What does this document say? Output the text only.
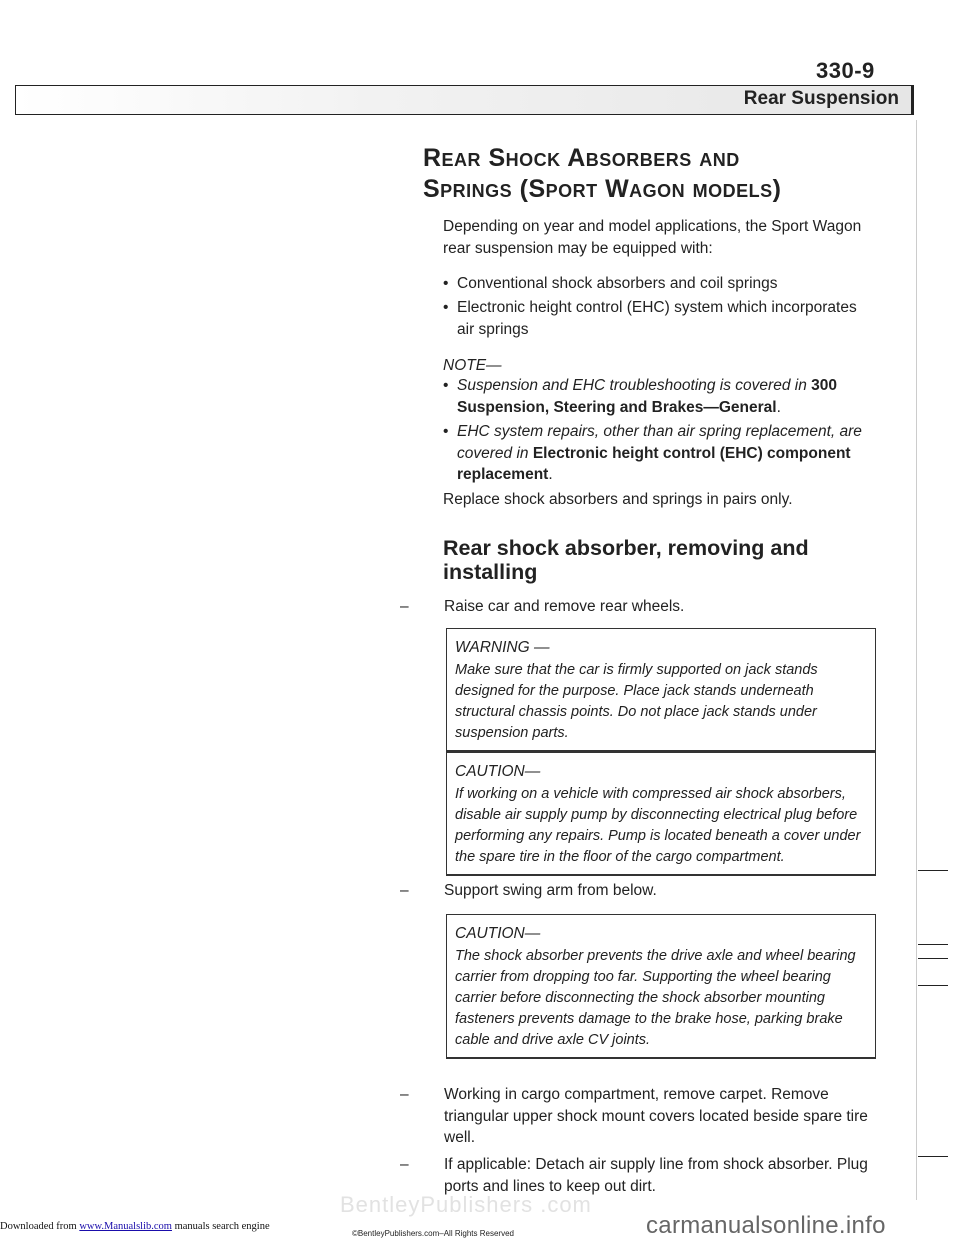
330-9
Rear Suspension
Rear Shock Absorbers and
Springs (Sport Wagon models)
Depending on year and model applications, the Sport Wagon rear suspension may be equipped with:
• Conventional shock absorbers and coil springs
• Electronic height control (EHC) system which incorporates air springs
NOTE—
• Suspension and EHC troubleshooting is covered in 300 Suspension, Steering and Brakes—General.
• EHC system repairs, other than air spring replacement, are covered in Electronic height control (EHC) component replacement.
Replace shock absorbers and springs in pairs only.
Rear shock absorber, removing and installing
– Raise car and remove rear wheels.
WARNING —
Make sure that the car is firmly supported on jack stands designed for the purpose. Place jack stands underneath structural chassis points. Do not place jack stands under suspension parts.
CAUTION—
If working on a vehicle with compressed air shock absorbers, disable air supply pump by disconnecting electrical plug before performing any repairs. Pump is located beneath a cover under the spare tire in the floor of the cargo compartment.
– Support swing arm from below.
CAUTION—
The shock absorber prevents the drive axle and wheel bearing carrier from dropping too far. Supporting the wheel bearing carrier before disconnecting the shock absorber mounting fasteners prevents damage to the brake hose, parking brake cable and drive axle CV joints.
– Working in cargo compartment, remove carpet. Remove triangular upper shock mount covers located beside spare tire well.
– If applicable: Detach air supply line from shock absorber. Plug ports and lines to keep out dirt.
BentleyPublishers .com
Downloaded from www.Manualslib.com manuals search engine
©BentleyPublishers.com–All Rights Reserved	carmanualsonline.info
